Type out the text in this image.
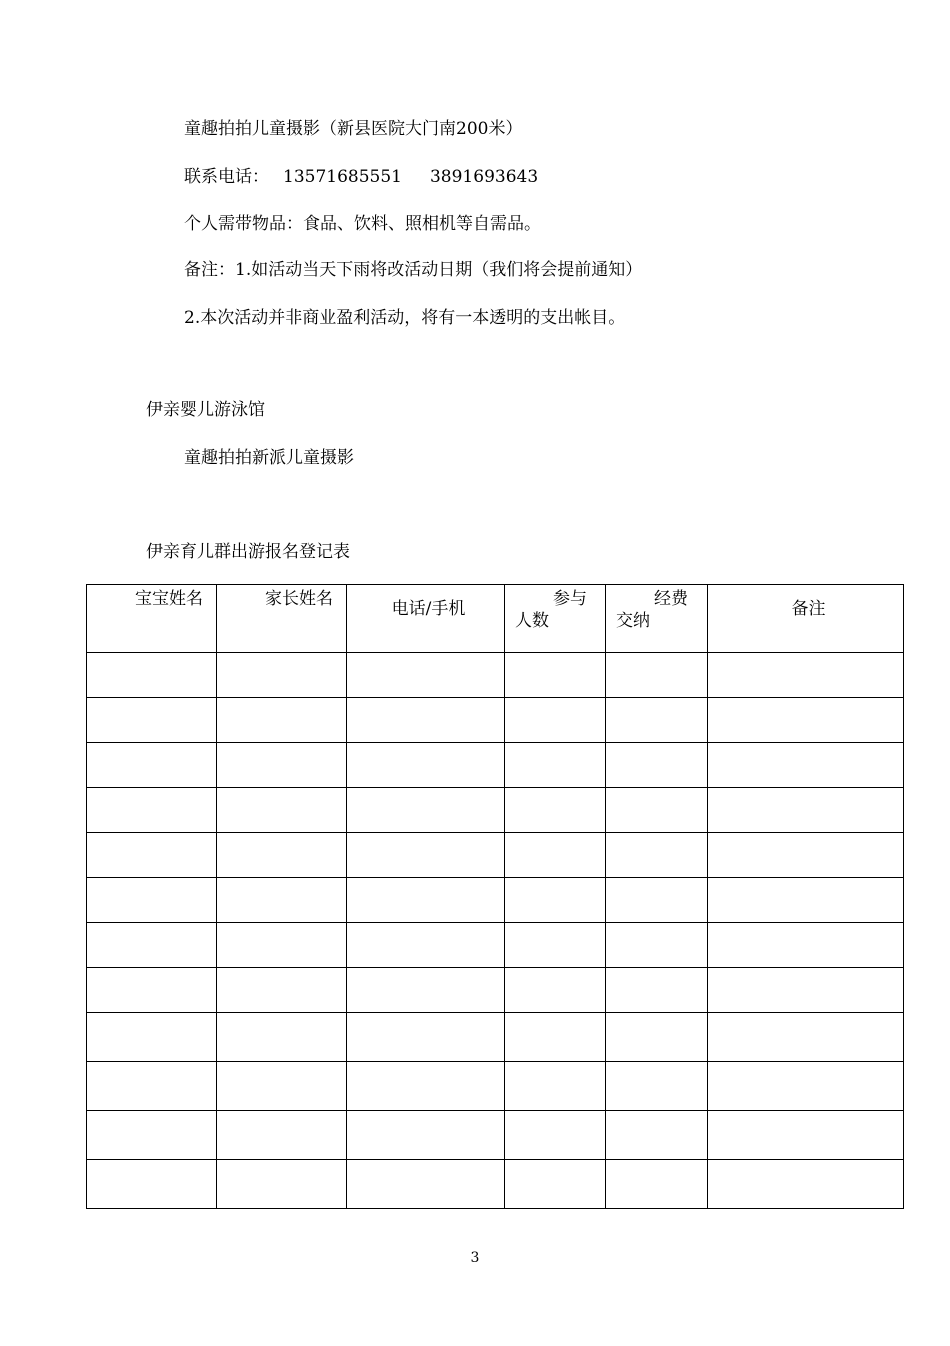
童趣拍拍儿童摄影（新县医院大门南200米）
联系电话： 13571685551 3891693643
个人需带物品：食品、饮料、照相机等自需品。
备注：1.如活动当天下雨将改活动日期（我们将会提前通知）
2.本次活动并非商业盈利活动，将有一本透明的支出帐目。
伊亲婴儿游泳馆
童趣拍拍新派儿童摄影
伊亲育儿群出游报名登记表
宝宝姓名	家长姓名	电话/手机	参与人数	经费交纳	备注

3
